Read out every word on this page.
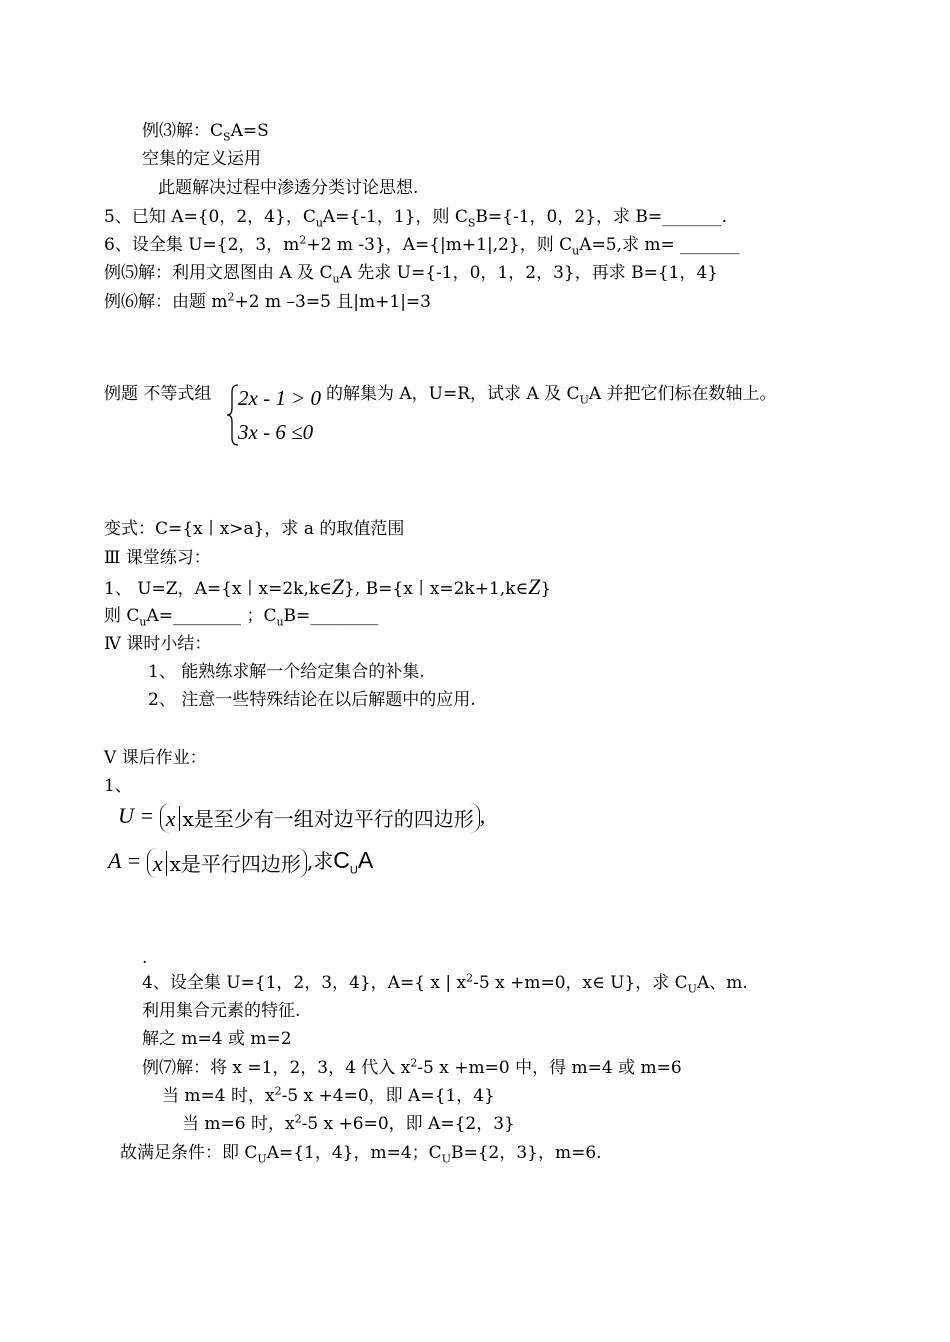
例⑶解：$C_SA=S$
空集的定义运用
此题解决过程中渗透分类讨论思想.
5、已知 A={0，2，4}，$C_uA=\{-1$，1}，则 $C_SB=\{-1$，0，2}，求 B=_______.
6、设全集 U={2，3，$m^2+2$ m -3}，A={|m+1|,2}，则 $C_uA=5$,求 m= _______
例⑸解：利用文恩图由 A 及 $C_uA$ 先求 U={-1，0，1，2，3}，再求 B={1，4}
例⑹解：由题 $m^2+2$ m –3=5 且|m+1|=3
例题 不等式组 2x - 1 > 0
3x - 6 ≤0
的解集为 A，U=R，试求 A 及 $C_UA$ 并把它们标在数轴上。
变式：C={x丨x>a}，求 a 的取值范围
Ⅲ 课堂练习：
1、 U=Z，A={x丨x=2k,k∈Z}, B={x丨x=2k+1,k∈Z}
则 $C_uA=\_\_\_\_\_\_\_\_$ ；$C_uB=\_\_\_\_\_\_\_\_$
Ⅳ 课时小结：
1、 能熟练求解一个给定集合的补集.
2、 注意一些特殊结论在以后解题中的应用.
Ⅴ 课后作业：
1、
U = x x是至少有一组对边平行的四边形 ,
A = x x是平行四边形 ,求$C_UA$
.
4、设全集 U={1，2，3，4}，A={ x | $x^2-5$ x +m=0，x∈ U}，求 $C_UA$、m.
利用集合元素的特征.
解之 m=4 或 m=2
例⑺解：将 x =1，2，3，4 代入 $x^2-5$ x +m=0 中，得 m=4 或 m=6
当 m=4 时，$x^2-5$ x +4=0，即 A={1，4}
当 m=6 时，$x^2-5$ x +6=0，即 A={2，3}
故满足条件：即 $C_UA=\{1$，4}，m=4；$C_UB=\{2$，3}，m=6.
